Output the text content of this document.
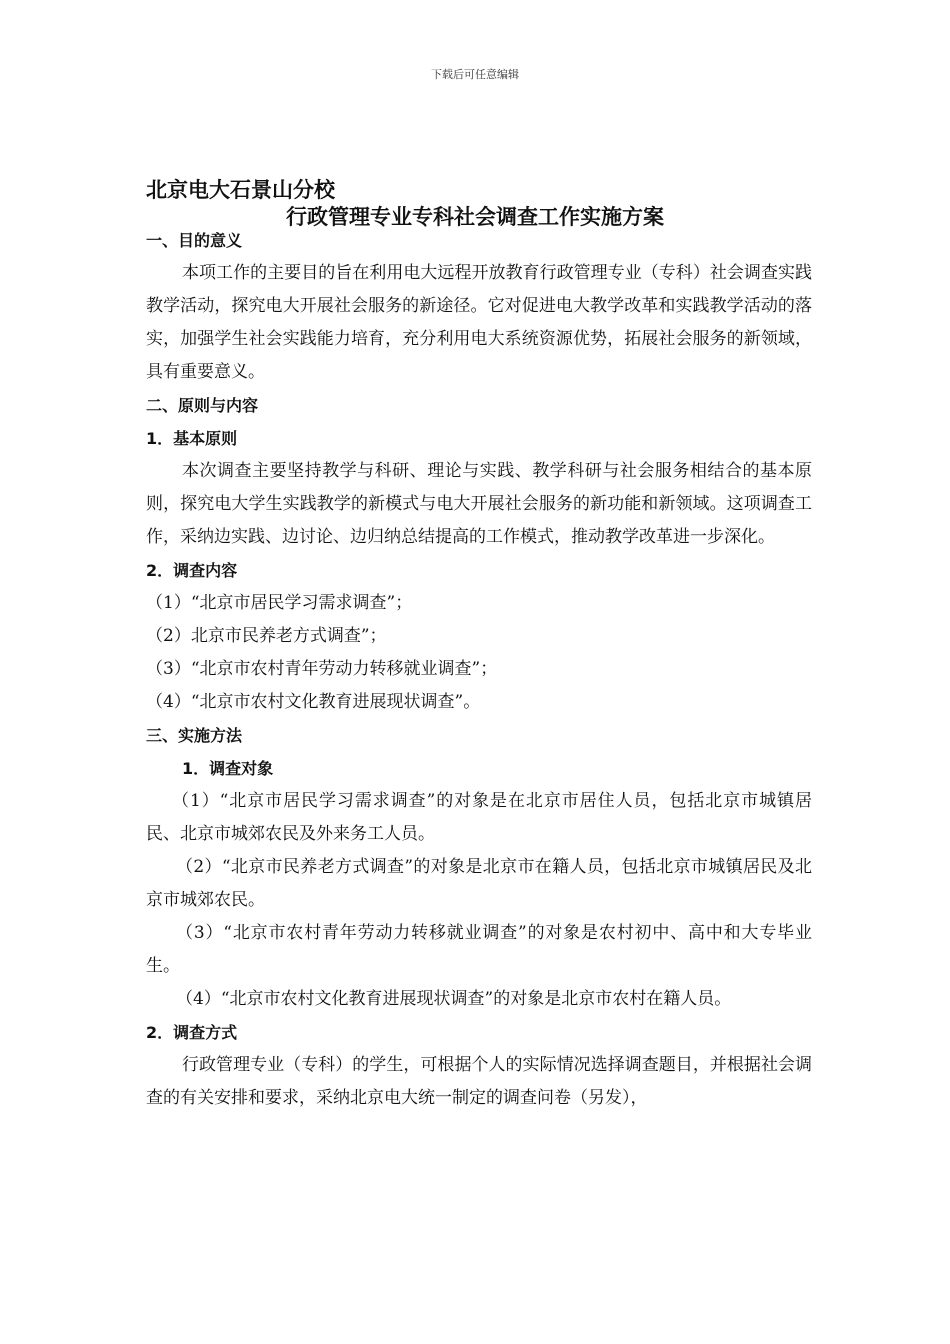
下载后可任意编辑
北京电大石景山分校
行政管理专业专科社会调查工作实施方案

一、目的意义

本项工作的主要目的旨在利用电大远程开放教育行政管理专业（专科）社会调查实践教学活动，探究电大开展社会服务的新途径。它对促进电大教学改革和实践教学活动的落实，加强学生社会实践能力培育，充分利用电大系统资源优势，拓展社会服务的新领域，具有重要意义。

二、原则与内容

1．基本原则

本次调查主要坚持教学与科研、理论与实践、教学科研与社会服务相结合的基本原则，探究电大学生实践教学的新模式与电大开展社会服务的新功能和新领域。这项调查工作，采纳边实践、边讨论、边归纳总结提高的工作模式，推动教学改革进一步深化。

2．调查内容

（1）“北京市居民学习需求调查”；

（2）北京市民养老方式调查”；

（3）“北京市农村青年劳动力转移就业调查”；

（4）“北京市农村文化教育进展现状调查”。

三、实施方法

1．调查对象

（1）“北京市居民学习需求调查”的对象是在北京市居住人员，包括北京市城镇居民、北京市城郊农民及外来务工人员。

（2）“北京市民养老方式调查”的对象是北京市在籍人员，包括北京市城镇居民及北京市城郊农民。

（3）“北京市农村青年劳动力转移就业调查”的对象是农村初中、高中和大专毕业生。

（4）“北京市农村文化教育进展现状调查”的对象是北京市农村在籍人员。

2．调查方式

行政管理专业（专科）的学生，可根据个人的实际情况选择调查题目，并根据社会调查的有关安排和要求，采纳北京电大统一制定的调查问卷（另发），
